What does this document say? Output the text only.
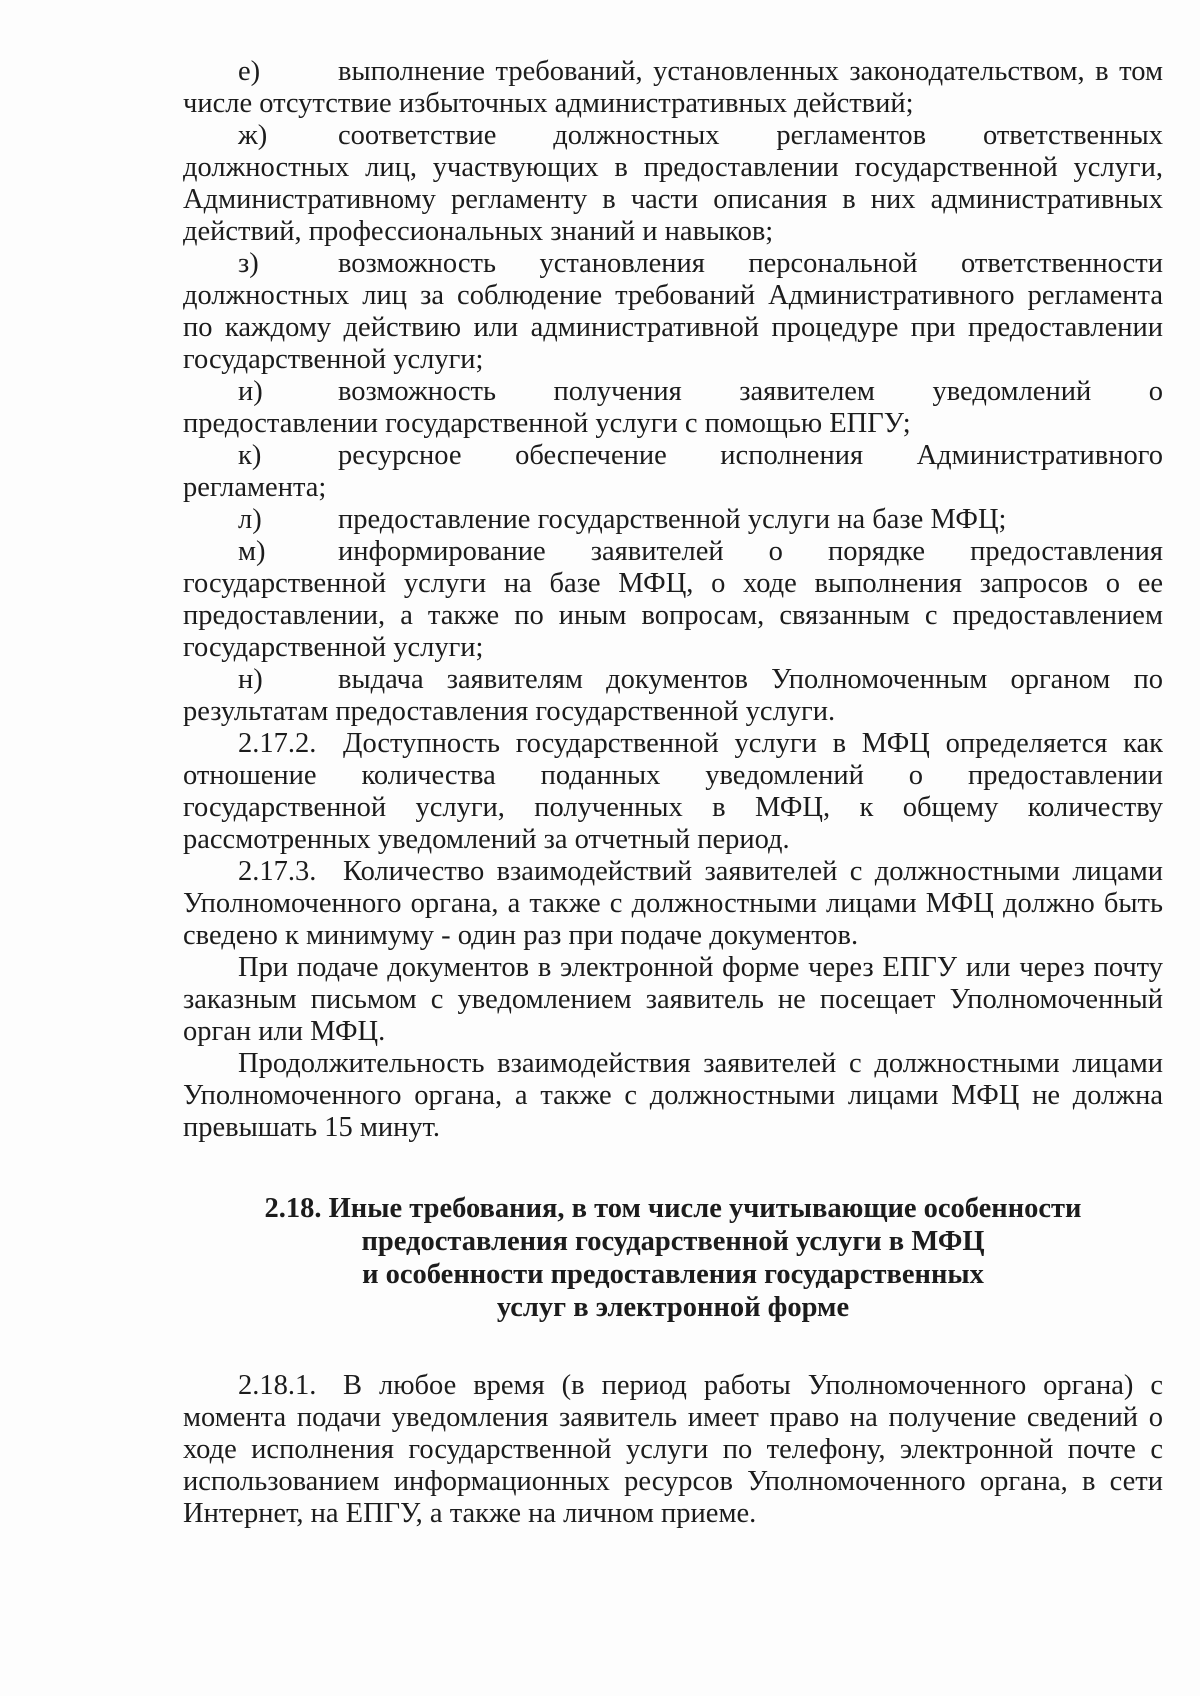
е)	выполнение требований, установленных законодательством, в том числе отсутствие избыточных административных действий;

ж) соответствие должностных регламентов ответственных должностных лиц, участвующих в предоставлении государственной услуги, Административному регламенту в части описания в них административных действий, профессиональных знаний и навыков;

з)	возможность установления персональной ответственности должностных лиц за соблюдение требований Административного регламента по каждому действию или административной процедуре при предоставлении государственной услуги;

и)	возможность получения заявителем уведомлений о предоставлении государственной услуги с помощью ЕПГУ;

к)	ресурсное обеспечение исполнения Административного регламента;

л)	предоставление государственной услуги на базе МФЦ;

м)	информирование заявителей о порядке предоставления государственной услуги на базе МФЦ, о ходе выполнения запросов о ее предоставлении, а также по иным вопросам, связанным с предоставлением государственной услуги;

н)	выдача заявителям документов Уполномоченным органом по результатам предоставления государственной услуги.

2.17.2. Доступность государственной услуги в МФЦ определяется как отношение количества поданных уведомлений о предоставлении государственной услуги, полученных в МФЦ, к общему количеству рассмотренных уведомлений за отчетный период.

2.17.3. Количество взаимодействий заявителей с должностными лицами Уполномоченного органа, а также с должностными лицами МФЦ должно быть сведено к минимуму - один раз при подаче документов.

При подаче документов в электронной форме через ЕПГУ или через почту заказным письмом с уведомлением заявитель не посещает Уполномоченный орган или МФЦ.

Продолжительность взаимодействия заявителей с должностными лицами Уполномоченного органа, а также с должностными лицами МФЦ не должна превышать 15 минут.

2.18. Иные требования, в том числе учитывающие особенности
предоставления государственной услуги в МФЦ
и особенности предоставления государственных
услуг в электронной форме

2.18.1. В любое время (в период работы Уполномоченного органа) с момента подачи уведомления заявитель имеет право на получение сведений о ходе исполнения государственной услуги по телефону, электронной почте с использованием информационных ресурсов Уполномоченного органа, в сети Интернет, на ЕПГУ, а также на личном приеме.
